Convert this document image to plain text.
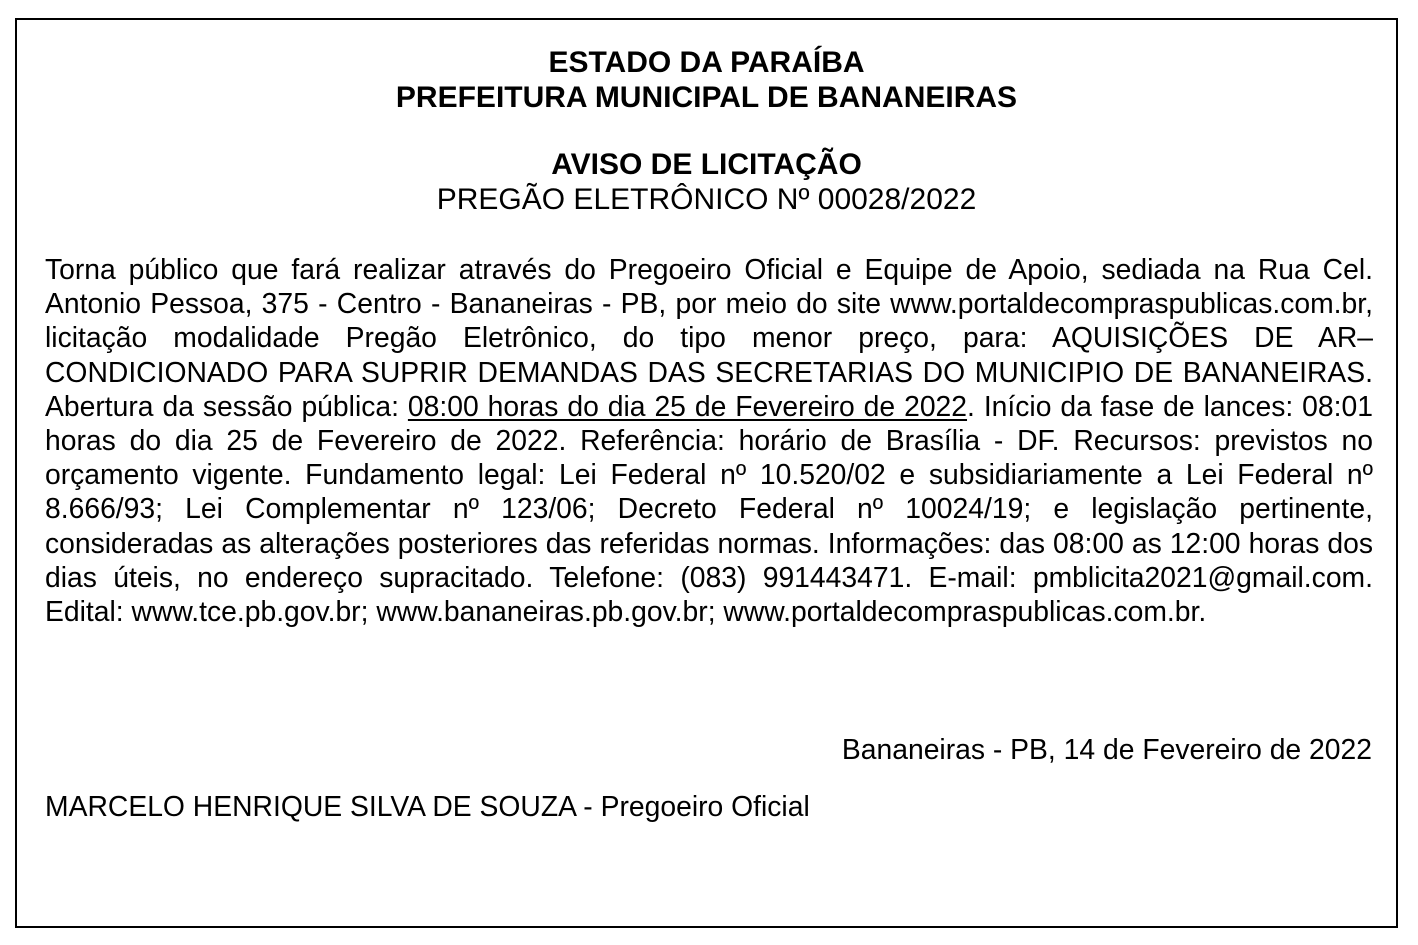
ESTADO DA PARAÍBA
PREFEITURA MUNICIPAL DE BANANEIRAS
AVISO DE LICITAÇÃO
PREGÃO ELETRÔNICO Nº 00028/2022
Torna público que fará realizar através do Pregoeiro Oficial e Equipe de Apoio, sediada na Rua Cel. Antonio Pessoa, 375 - Centro - Bananeiras - PB, por meio do site www.portaldecompraspublicas.com.br, licitação modalidade Pregão Eletrônico, do tipo menor preço, para: AQUISIÇÕES DE AR–CONDICIONADO PARA SUPRIR DEMANDAS DAS SECRETARIAS DO MUNICIPIO DE BANANEIRAS. Abertura da sessão pública: 08:00 horas do dia 25 de Fevereiro de 2022. Início da fase de lances: 08:01 horas do dia 25 de Fevereiro de 2022. Referência: horário de Brasília - DF. Recursos: previstos no orçamento vigente. Fundamento legal: Lei Federal nº 10.520/02 e subsidiariamente a Lei Federal nº 8.666/93; Lei Complementar nº 123/06; Decreto Federal nº 10024/19; e legislação pertinente, consideradas as alterações posteriores das referidas normas. Informações: das 08:00 as 12:00 horas dos dias úteis, no endereço supracitado. Telefone: (083) 991443471. E-mail: pmblicita2021@gmail.com. Edital: www.tce.pb.gov.br; www.bananeiras.pb.gov.br; www.portaldecompraspublicas.com.br.
Bananeiras - PB, 14 de Fevereiro de 2022
MARCELO HENRIQUE SILVA DE SOUZA - Pregoeiro Oficial
